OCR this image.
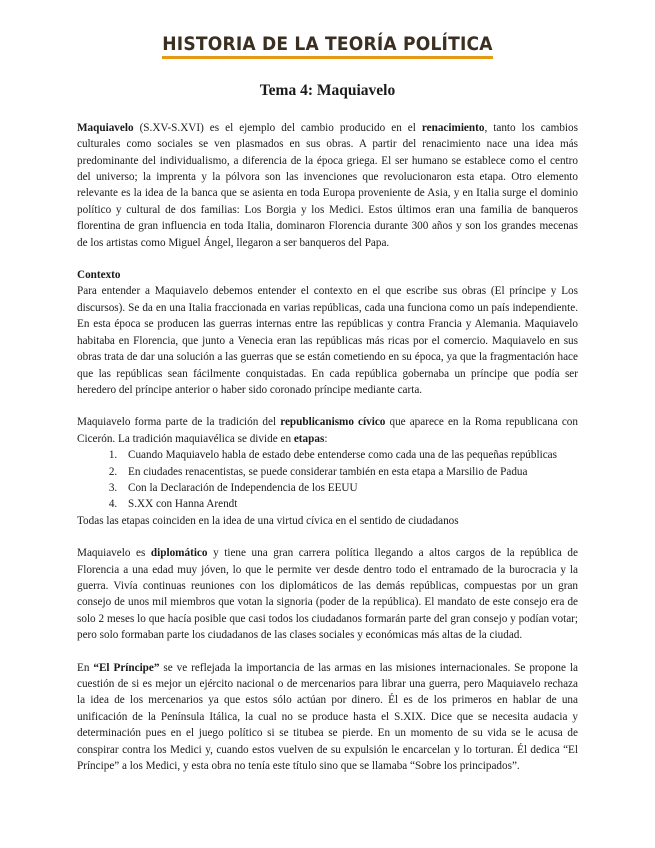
HISTORIA DE LA TEORÍA POLÍTICA
Tema 4: Maquiavelo

Maquiavelo (S.XV-S.XVI) es el ejemplo del cambio producido en el renacimiento, tanto los cambios culturales como sociales se ven plasmados en sus obras. A partir del renacimiento nace una idea más predominante del individualismo, a diferencia de la época griega. El ser humano se establece como el centro del universo; la imprenta y la pólvora son las invenciones que revolucionaron esta etapa. Otro elemento relevante es la idea de la banca que se asienta en toda Europa proveniente de Asia, y en Italia surge el dominio político y cultural de dos familias: Los Borgia y los Medici. Estos últimos eran una familia de banqueros florentina de gran influencia en toda Italia, dominaron Florencia durante 300 años y son los grandes mecenas de los artistas como Miguel Ángel, llegaron a ser banqueros del Papa.

Contexto

Para entender a Maquiavelo debemos entender el contexto en el que escribe sus obras (El príncipe y Los discursos). Se da en una Italia fraccionada en varias repúblicas, cada una funciona como un país independiente. En esta época se producen las guerras internas entre las repúblicas y contra Francia y Alemania. Maquiavelo habitaba en Florencia, que junto a Venecia eran las repúblicas más ricas por el comercio. Maquiavelo en sus obras trata de dar una solución a las guerras que se están cometiendo en su época, ya que la fragmentación hace que las repúblicas sean fácilmente conquistadas. En cada república gobernaba un príncipe que podía ser heredero del príncipe anterior o haber sido coronado príncipe mediante carta.

Maquiavelo forma parte de la tradición del republicanismo cívico que aparece en la Roma republicana con Cicerón. La tradición maquiavélica se divide en etapas:

1. Cuando Maquiavelo habla de estado debe entenderse como cada una de las pequeñas repúblicas
2. En ciudades renacentistas, se puede considerar también en esta etapa a Marsilio de Padua
3. Con la Declaración de Independencia de los EEUU
4. S.XX con Hanna Arendt

Todas las etapas coinciden en la idea de una virtud cívica en el sentido de ciudadanos

Maquiavelo es diplomático y tiene una gran carrera política llegando a altos cargos de la república de Florencia a una edad muy jóven, lo que le permite ver desde dentro todo el entramado de la burocracia y la guerra. Vivía continuas reuniones con los diplomáticos de las demás repúblicas, compuestas por un gran consejo de unos mil miembros que votan la signoria (poder de la república). El mandato de este consejo era de solo 2 meses lo que hacía posible que casi todos los ciudadanos formarán parte del gran consejo y podían votar; pero solo formaban parte los ciudadanos de las clases sociales y económicas más altas de la ciudad.

En “El Príncipe” se ve reflejada la importancia de las armas en las misiones internacionales. Se propone la cuestión de si es mejor un ejército nacional o de mercenarios para librar una guerra, pero Maquiavelo rechaza la idea de los mercenarios ya que estos sólo actúan por dinero. Él es de los primeros en hablar de una unificación de la Península Itálica, la cual no se produce hasta el S.XIX. Dice que se necesita audacia y determinación pues en el juego político si se titubea se pierde. En un momento de su vida se le acusa de conspirar contra los Medici y, cuando estos vuelven de su expulsión le encarcelan y lo torturan. Él dedica “El Príncipe” a los Medici, y esta obra no tenía este título sino que se llamaba “Sobre los principados”.
